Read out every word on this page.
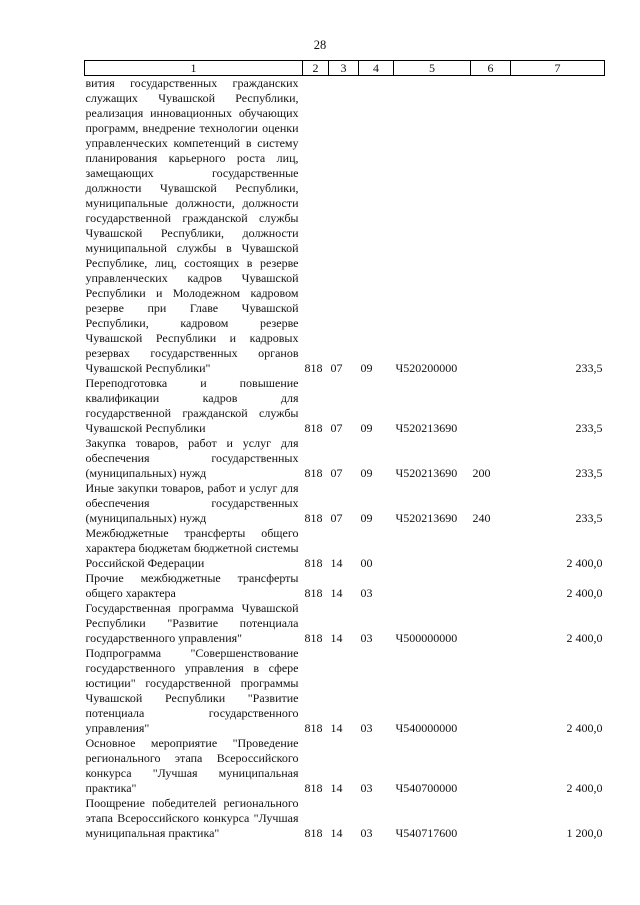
28
1	2	3	4	5	6	7
вития государственных гражданских служащих Чувашской Республики, реализация инновационных обучающих программ, внедрение технологии оценки управленческих компетенций в систему планирования карьерного роста лиц, замещающих государственные должности Чувашской Республики, муниципальные должности, должности государственной гражданской службы Чувашской Республики, должности муниципальной службы в Чувашской Республике, лиц, состоящих в резерве управленческих кадров Чувашской Республики и Молодежном кадровом резерве при Главе Чувашской Республики, кадровом резерве Чувашской Республики и кадровых резервах государственных органов Чувашской Республики"	818	07	09	Ч520200000		233,5
Переподготовка и повышение квалификации кадров для государственной гражданской службы Чувашской Республики	818	07	09	Ч520213690		233,5
Закупка товаров, работ и услуг для обеспечения государственных (муниципальных) нужд	818	07	09	Ч520213690	200	233,5
Иные закупки товаров, работ и услуг для обеспечения государственных (муниципальных) нужд	818	07	09	Ч520213690	240	233,5
Межбюджетные трансферты общего характера бюджетам бюджетной системы Российской Федерации	818	14	00			2 400,0
Прочие межбюджетные трансферты общего характера	818	14	03			2 400,0
Государственная программа Чувашской Республики "Развитие потенциала государственного управления"	818	14	03	Ч500000000		2 400,0
Подпрограмма "Совершенствование государственного управления в сфере юстиции" государственной программы Чувашской Республики "Развитие потенциала государственного управления"	818	14	03	Ч540000000		2 400,0
Основное мероприятие "Проведение регионального этапа Всероссийского конкурса "Лучшая муниципальная практика"	818	14	03	Ч540700000		2 400,0
Поощрение победителей регионального этапа Всероссийского конкурса "Лучшая муниципальная практика"	818	14	03	Ч540717600		1 200,0
